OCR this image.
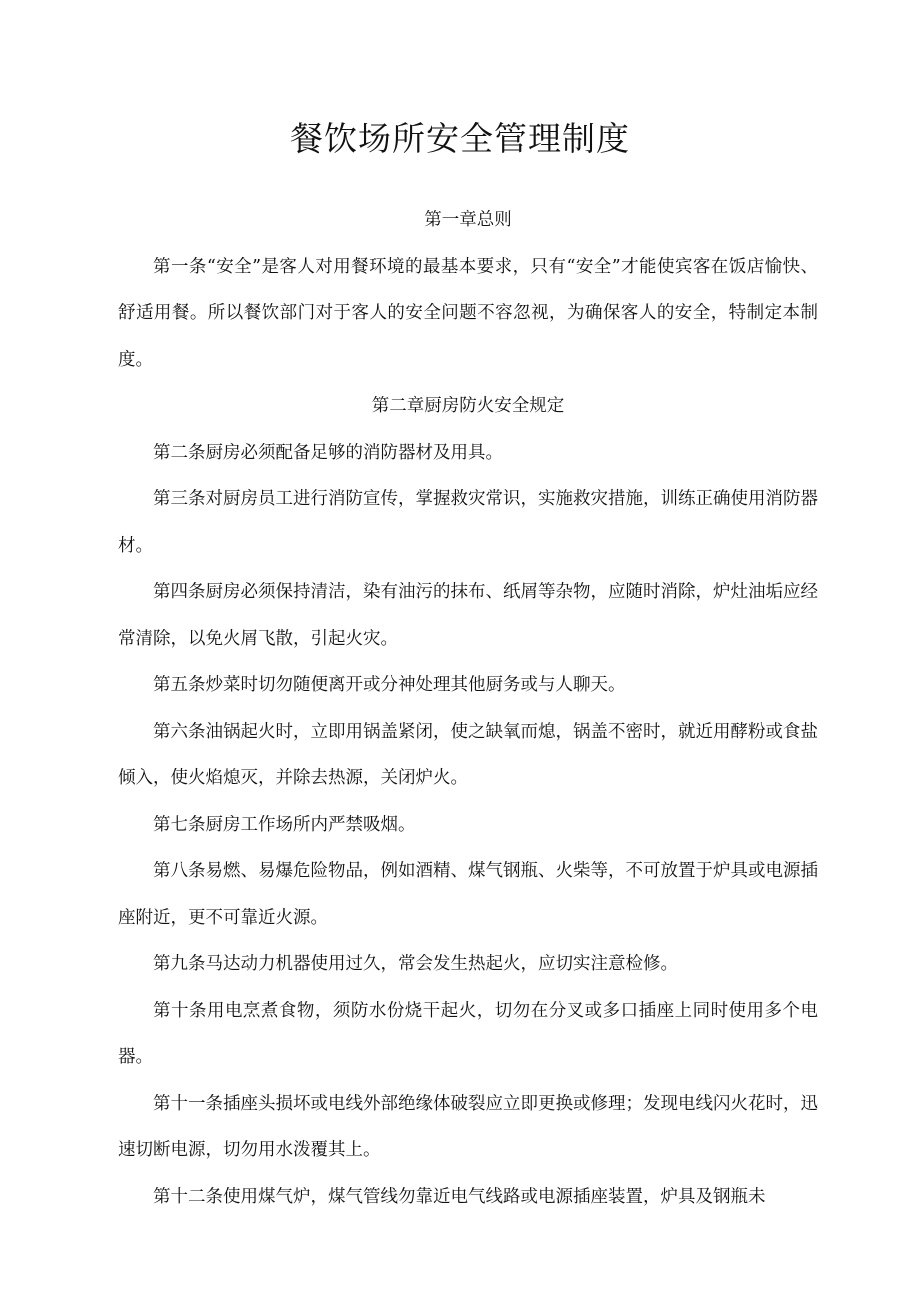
餐饮场所安全管理制度

第一章总则

第一条“安全”是客人对用餐环境的最基本要求，只有“安全”才能使宾客在饭店愉快、舒适用餐。所以餐饮部门对于客人的安全问题不容忽视，为确保客人的安全，特制定本制度。

第二章厨房防火安全规定

第二条厨房必须配备足够的消防器材及用具。

第三条对厨房员工进行消防宣传，掌握救灾常识，实施救灾措施，训练正确使用消防器材。

第四条厨房必须保持清洁，染有油污的抹布、纸屑等杂物，应随时消除，炉灶油垢应经常清除，以免火屑飞散，引起火灾。

第五条炒菜时切勿随便离开或分神处理其他厨务或与人聊天。

第六条油锅起火时，立即用锅盖紧闭，使之缺氧而熄，锅盖不密时，就近用酵粉或食盐倾入，使火焰熄灭，并除去热源，关闭炉火。

第七条厨房工作场所内严禁吸烟。

第八条易燃、易爆危险物品，例如酒精、煤气钢瓶、火柴等，不可放置于炉具或电源插座附近，更不可靠近火源。

第九条马达动力机器使用过久，常会发生热起火，应切实注意检修。

第十条用电烹煮食物，须防水份烧干起火，切勿在分叉或多口插座上同时使用多个电器。

第十一条插座头损坏或电线外部绝缘体破裂应立即更换或修理；发现电线闪火花时，迅速切断电源，切勿用水泼覆其上。

第十二条使用煤气炉，煤气管线勿靠近电气线路或电源插座装置，炉具及钢瓶未
